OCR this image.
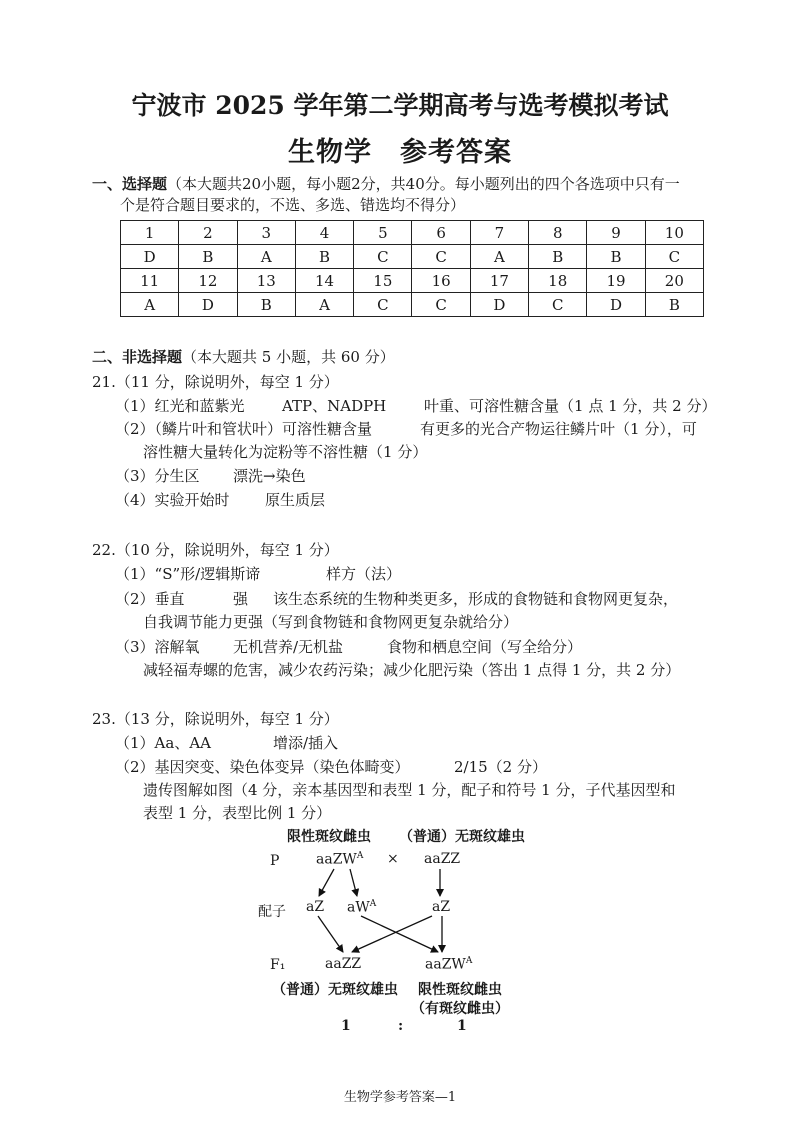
宁波市 2025 学年第二学期高考与选考模拟考试
生物学　参考答案
一、选择题（本大题共20小题，每小题2分，共40分。每小题列出的四个各选项中只有一
个是符合题目要求的，不选、多选、错选均不得分）
1	2	3	4	5	6	7	8	9	10
D	B	A	B	C	C	A	B	B	C
11	12	13	14	15	16	17	18	19	20
A	D	B	A	C	C	D	C	D	B
二、非选择题（本大题共 5 小题，共 60 分）
21.（11 分，除说明外，每空 1 分）
（1）红光和蓝紫光 ATP、NADPH	叶重、可溶性糖含量（1 点 1 分，共 2 分）
（2）（鳞片叶和管状叶）可溶性糖含量	有更多的光合产物运往鳞片叶（1 分），可
溶性糖大量转化为淀粉等不溶性糖（1 分）
（3）分生区 漂洗→染色
（4）实验开始时 原生质层
22.（10 分，除说明外，每空 1 分）
（1）“S”形/逻辑斯谛	样方（法）
（2）垂直	强 该生态系统的生物种类更多，形成的食物链和食物网更复杂，
自我调节能力更强（写到食物链和食物网更复杂就给分）
（3）溶解氧 无机营养/无机盐	食物和栖息空间（写全给分）
减轻福寿螺的危害，减少农药污染；减少化肥污染（答出 1 点得 1 分，共 2 分）
23.（13 分，除说明外，每空 1 分）
（1）Aa、AA	增添/插入
（2）基因突变、染色体变异（染色体畸变）	2/15（2 分）
遗传图解如图（4 分，亲本基因型和表型 1 分，配子和符号 1 分，子代基因型和
表型 1 分，表型比例 1 分）
限性斑纹雌虫 （普通）无斑纹雄虫
P	aaZW$^A$ × aaZZ
配子 aZ $aW^A$	aZ
F₁	aaZZ	aaZW$^A$
（普通）无斑纹雄虫 限性斑纹雌虫
（有斑纹雌虫）
1	:	1
生物学参考答案—1
